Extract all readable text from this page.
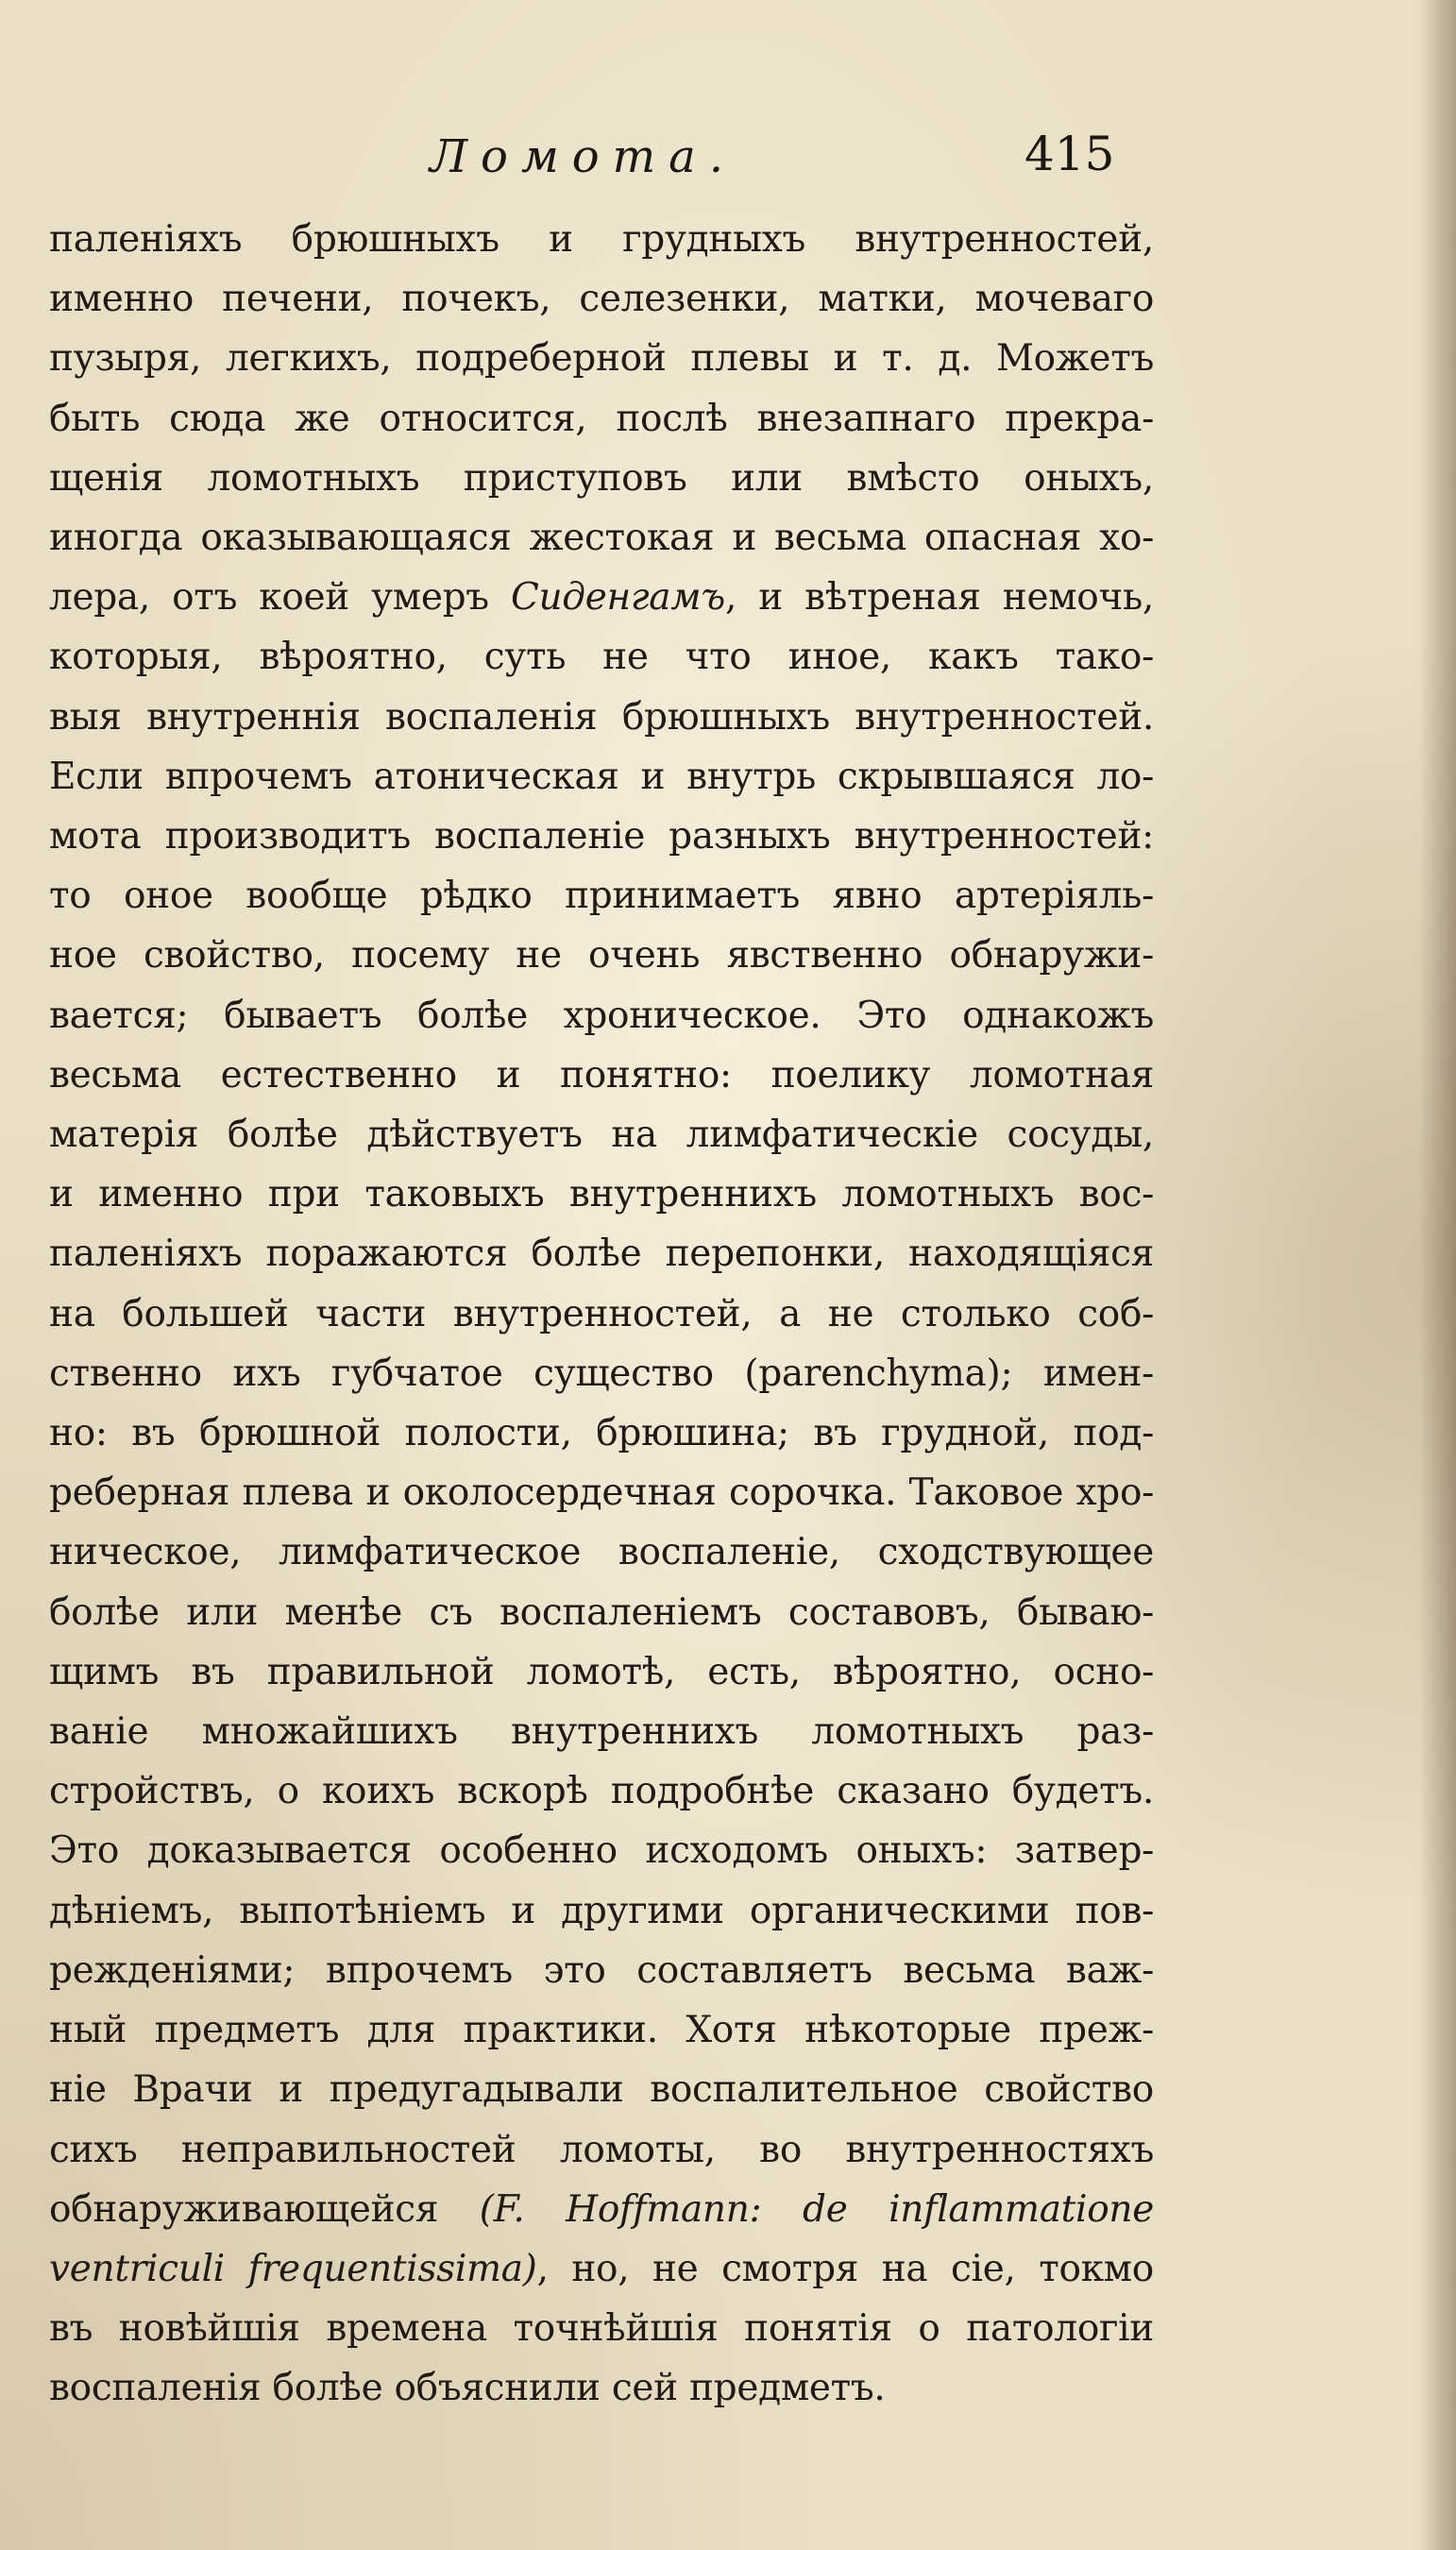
Ломота.	415
паленіяхъ брюшныхъ и грудныхъ внутренностей,
именно печени, почекъ, селезенки, матки, мочеваго
пузыря, легкихъ, подреберной плевы и т. д. Можетъ
быть сюда же относится, послѣ внезапнаго прекра-
щенія ломотныхъ приступовъ или вмѣсто оныхъ,
иногда оказывающаяся жестокая и весьма опасная хо-
лера, отъ коей умеръ Сиденгамъ, и вѣтреная немочь,
которыя, вѣроятно, суть не что иное, какъ тако-
выя внутреннія воспаленія брюшныхъ внутренностей.
Если впрочемъ атоническая и внутрь скрывшаяся ло-
мота производитъ воспаленіе разныхъ внутренностей:
то оное вообще рѣдко принимаетъ явно артеріяль-
ное свойство, посему не очень явственно обнаружи-
вается; бываетъ болѣе хроническое. Это однакожъ
весьма естественно и понятно: поелику ломотная
матерія болѣе дѣйствуетъ на лимфатическіе сосуды,
и именно при таковыхъ внутреннихъ ломотныхъ вос-
паленіяхъ поражаются болѣе перепонки, находящіяся
на большей части внутренностей, а не столько соб-
ственно ихъ губчатое существо (parenchyma); имен-
но: въ брюшной полости, брюшина; въ грудной, под-
реберная плева и околосердечная сорочка. Таковое хро-
ническое, лимфатическое воспаленіе, сходствующее
болѣе или менѣе съ воспаленіемъ составовъ, бываю-
щимъ въ правильной ломотѣ, есть, вѣроятно, осно-
ваніе множайшихъ внутреннихъ ломотныхъ раз-
стройствъ, о коихъ вскорѣ подробнѣе сказано будетъ.
Это доказывается особенно исходомъ оныхъ: затвер-
дѣніемъ, выпотѣніемъ и другими органическими пов-
режденіями; впрочемъ это составляетъ весьма важ-
ный предметъ для практики. Хотя нѣкоторые преж-
ніе Врачи и предугадывали воспалительное свойство
сихъ неправильностей ломоты, во внутренностяхъ
обнаруживающейся (F. Hoffmann: de inflammatione
ventriculi frequentissima), но, не смотря на сіе, токмо
въ новѣйшія времена точнѣйшія понятія о патологіи
воспаленія болѣе объяснили сей предметъ.
